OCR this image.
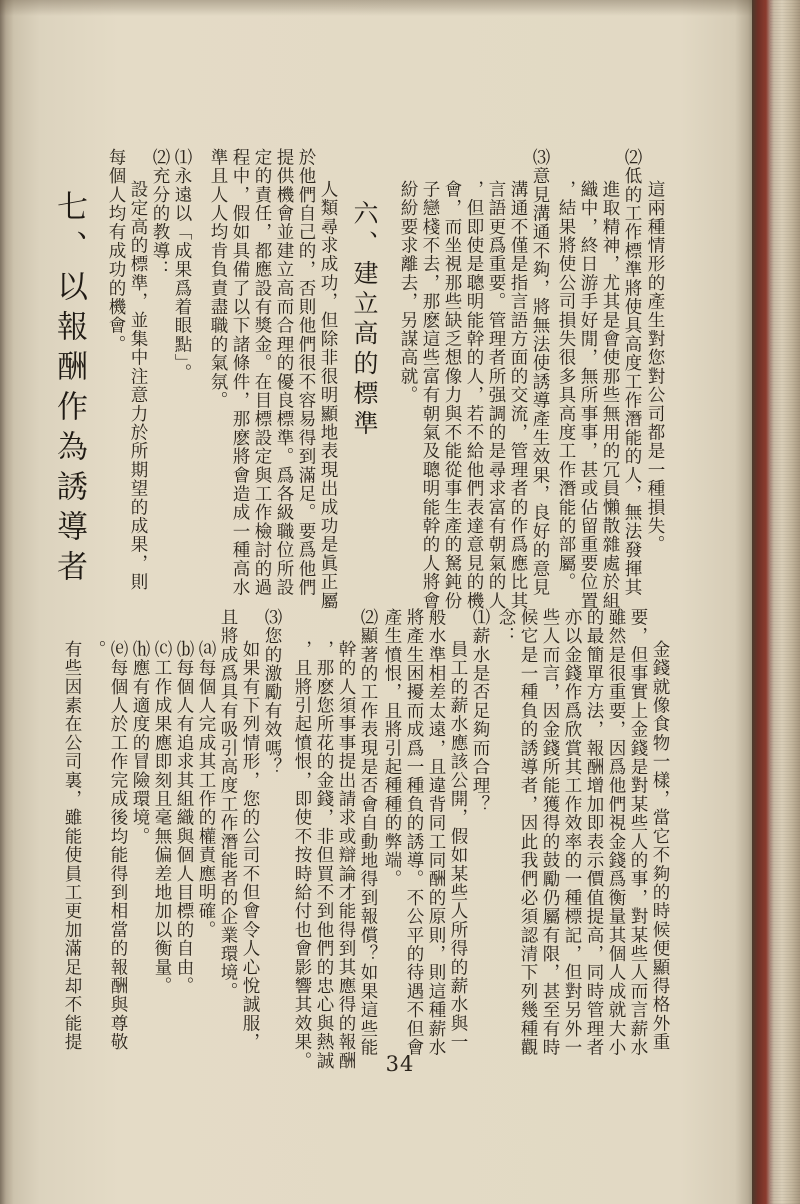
這兩種情形的產生對您對公司都是一種損失。
⑵低的工作標準將使具高度工作潛能的人，無法發揮其
進取精神，尤其是會使那些無用的冗員懶散雜處於組
織中，終日游手好閒，無所事事，甚或佔留重要位置
，結果將使公司損失很多具高度工作潛能的部屬。
⑶意見溝通不夠，將無法使誘導產生效果，良好的意見
溝通不僅是指言語方面的交流，管理者的作爲應比其
言語更爲重要。管理者所强調的是尋求富有朝氣的人
，但即使是聰明能幹的人，若不給他們表達意見的機
會，而坐視那些缺乏想像力與不能從事生產的駑鈍份
子戀棧不去，那麽這些富有朝氣及聰明能幹的人將會
紛紛要求離去，另謀高就。
六、建立高的標準
人類尋求成功，但除非很明顯地表現出成功是眞正屬
於他們自己的，否則他們很不容易得到滿足。要爲他們
提供機會並建立高而合理的優良標準。爲各級職位所設
定的責任，都應設有獎金。在目標設定與工作檢討的過
程中，假如具備了以下諸條件，那麽將會造成一種高水
準且人人均肯負責盡職的氣氛。
⑴永遠以「成果爲着眼點」。
⑵充分的教導：
設定高的標準，並集中注意力於所期望的成果，則
每個人均有成功的機會。
七、以報酬作為誘導者
金錢就像食物一樣，當它不夠的時候便顯得格外重
要，但事實上金錢是對某些人的事，對某些人而言薪水
雖然是很重要，因爲他們視金錢爲衡量其個人成就大小
的最簡單方法，報酬增加即表示價值提高，同時管理者
亦以金錢作爲欣賞其工作效率的一種標記，但對另外一
些人而言，因金錢所能獲得的鼓勵仍屬有限，甚至有時
候它是一種負的誘導者，因此我們必須認清下列幾種觀
念：
⑴薪水是否足夠而合理？
員工的薪水應該公開，假如某些人所得的薪水與一
般水準相差太遠，且違背同工同酬的原則，則這種薪水
將產生困擾而成爲一種負的誘導。不公平的待遇不但會
產生憤恨，且將引起種種的弊端。
⑵顯著的工作表現是否會自動地得到報償？如果這些能
幹的人須事事提出請求或辯論才能得到其應得的報酬
，那麽您所花的金錢，非但買不到他們的忠心與熱誠
，且將引起憤恨，即使不按時給付也會影響其效果。
⑶您的激勵有效嗎？
如果有下列情形，您的公司不但會令人心悅誠服，
且將成爲具有吸引高度工作潛能者的企業環境。
⒜每個人完成其工作的權責應明確。
⒝每個人有追求其組織與個人目標的自由。
⒞工作成果應即刻且毫無偏差地加以衡量。
⒣應有適度的冒險環境。
⒠每個人於工作完成後均能得到相當的報酬與尊敬
。
有些因素在公司裏，雖能使員工更加滿足却不能提
34
